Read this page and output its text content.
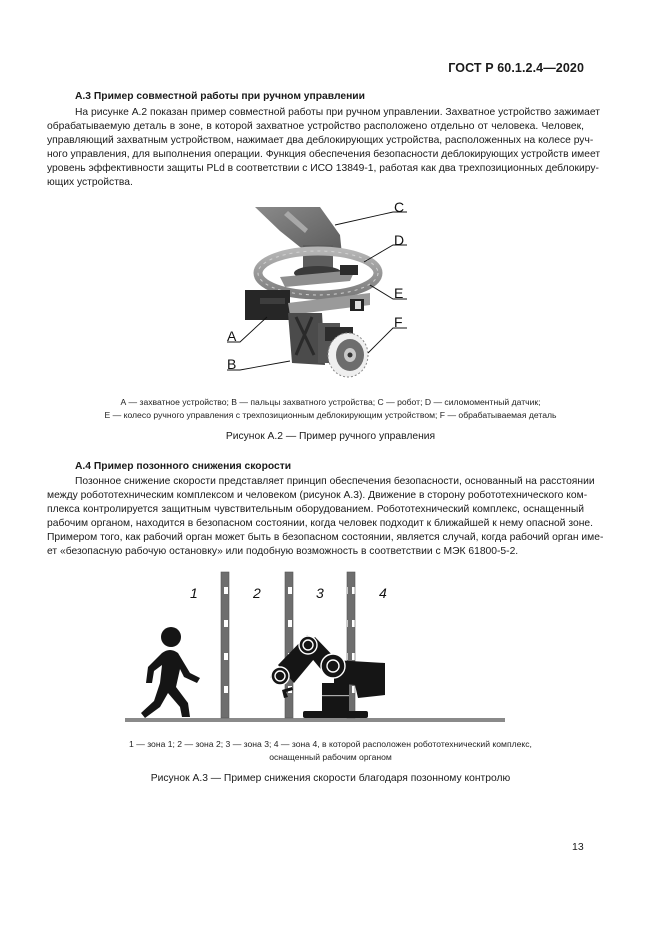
ГОСТ Р 60.1.2.4—2020
А.3 Пример совместной работы при ручном управлении
На рисунке А.2 показан пример совместной работы при ручном управлении. Захватное устройство зажимает
обрабатываемую деталь в зоне, в которой захватное устройство расположено отдельно от человека. Человек,
управляющий захватным устройством, нажимает два деблокирующих устройства, расположенных на колесе руч-
ного управления, для выполнения операции. Функция обеспечения безопасности деблокирующих устройств имеет
уровень эффективности защиты PLd в соответствии с ИСО 13849-1, работая как два трехпозиционных деблокиру-
ющих устройства.
C
D
E
F
A
B
А — захватное устройство; В — пальцы захватного устройства; С — робот; D — силомоментный датчик;
Е — колесо ручного управления с трехпозиционным деблокирующим устройством; F — обрабатываемая деталь
Рисунок А.2 — Пример ручного управления
А.4 Пример позонного снижения скорости
Позонное снижение скорости представляет принцип обеспечения безопасности, основанный на расстоянии
между робототехническим комплексом и человеком (рисунок А.3). Движение в сторону робототехнического ком-
плекса контролируется защитным чувствительным оборудованием. Робототехнический комплекс, оснащенный
рабочим органом, находится в безопасном состоянии, когда человек подходит к ближайшей к нему опасной зоне.
Примером того, как рабочий орган может быть в безопасном состоянии, является случай, когда рабочий орган име-
ет «безопасную рабочую остановку» или подобную возможность в соответствии с МЭК 61800-5-2.
1	2	3	4
1 — зона 1; 2 — зона 2; 3 — зона 3; 4 — зона 4, в которой расположен робототехнический комплекс,
оснащенный рабочим органом
Рисунок А.3 — Пример снижения скорости благодаря позонному контролю
13
